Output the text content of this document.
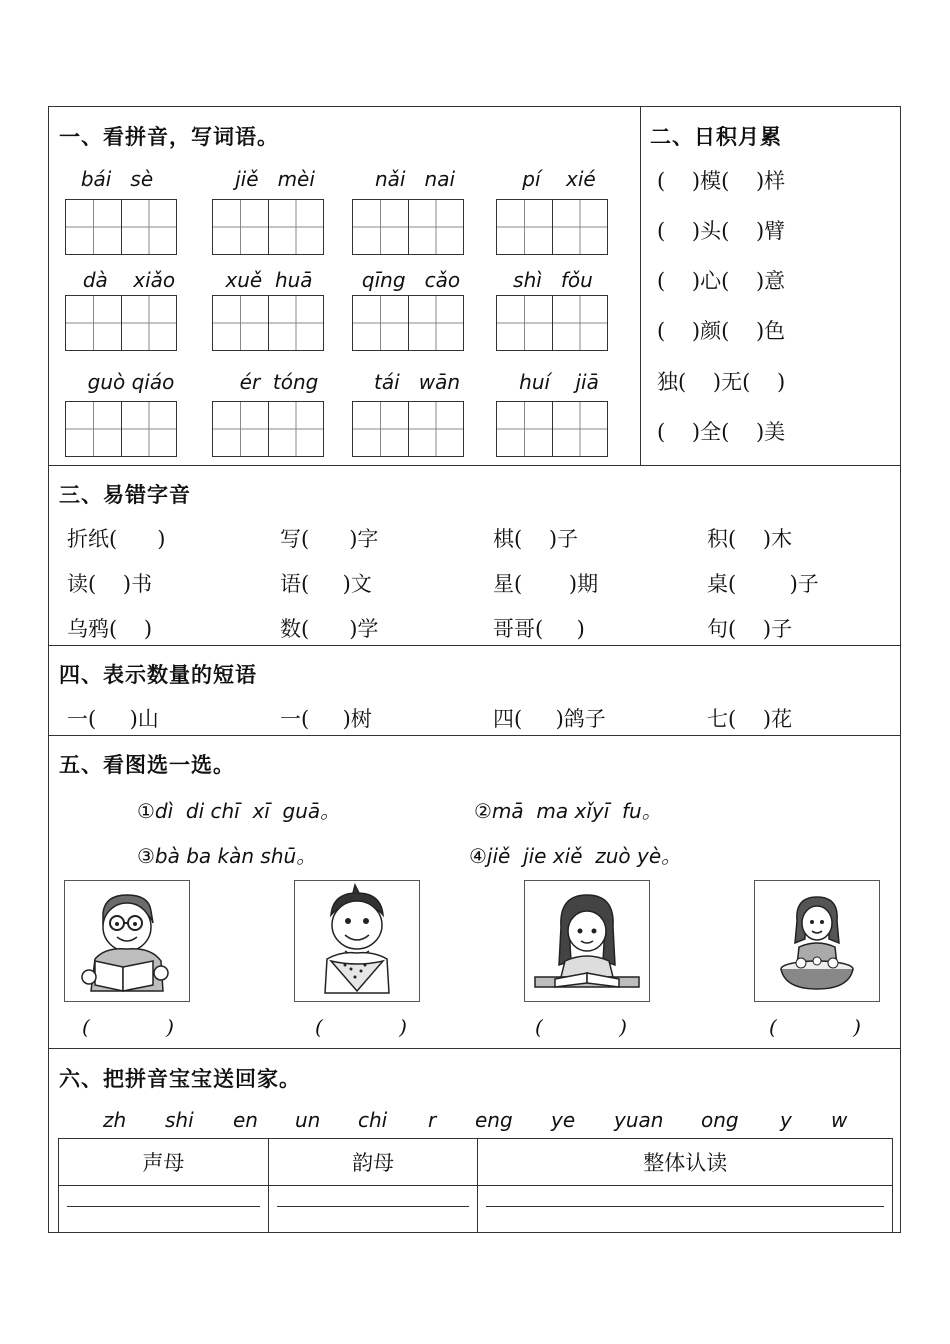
一、看拼音，写词语。
bái   sè	jiě   mèi	nǎi   nai	pí    xié
dà    xiǎo	xuě  huā	qīng   cǎo	shì   fǒu
guò qiáo	ér  tóng	tái   wān	huí    jiā
二、日积月累
(    )模(    )样
(    )头(    )臂
(    )心(    )意
(    )颜(    )色
独(    )无(    )
(    )全(    )美
三、易错字音
折纸(      )	写(      )字	棋(    )子	积(    )木
读(    )书	语(     )文	星(       )期	桌(        )子
乌鸦(    )	数(      )学	哥哥(     )	句(    )子
四、表示数量的短语
一(     )山	一(     )树	四(     )鸽子	七(    )花
五、看图选一选。
①dì  di chī  xī  guā。	②mā  ma xǐyī  fu。
③bà ba kàn shū。	④jiě  jie xiě  zuò yè。
(            )	(            )	(            )	(            )
六、把拼音宝宝送回家。
zh shi en un chi r eng ye yuan ong y w
声母	韵母	整体认读
